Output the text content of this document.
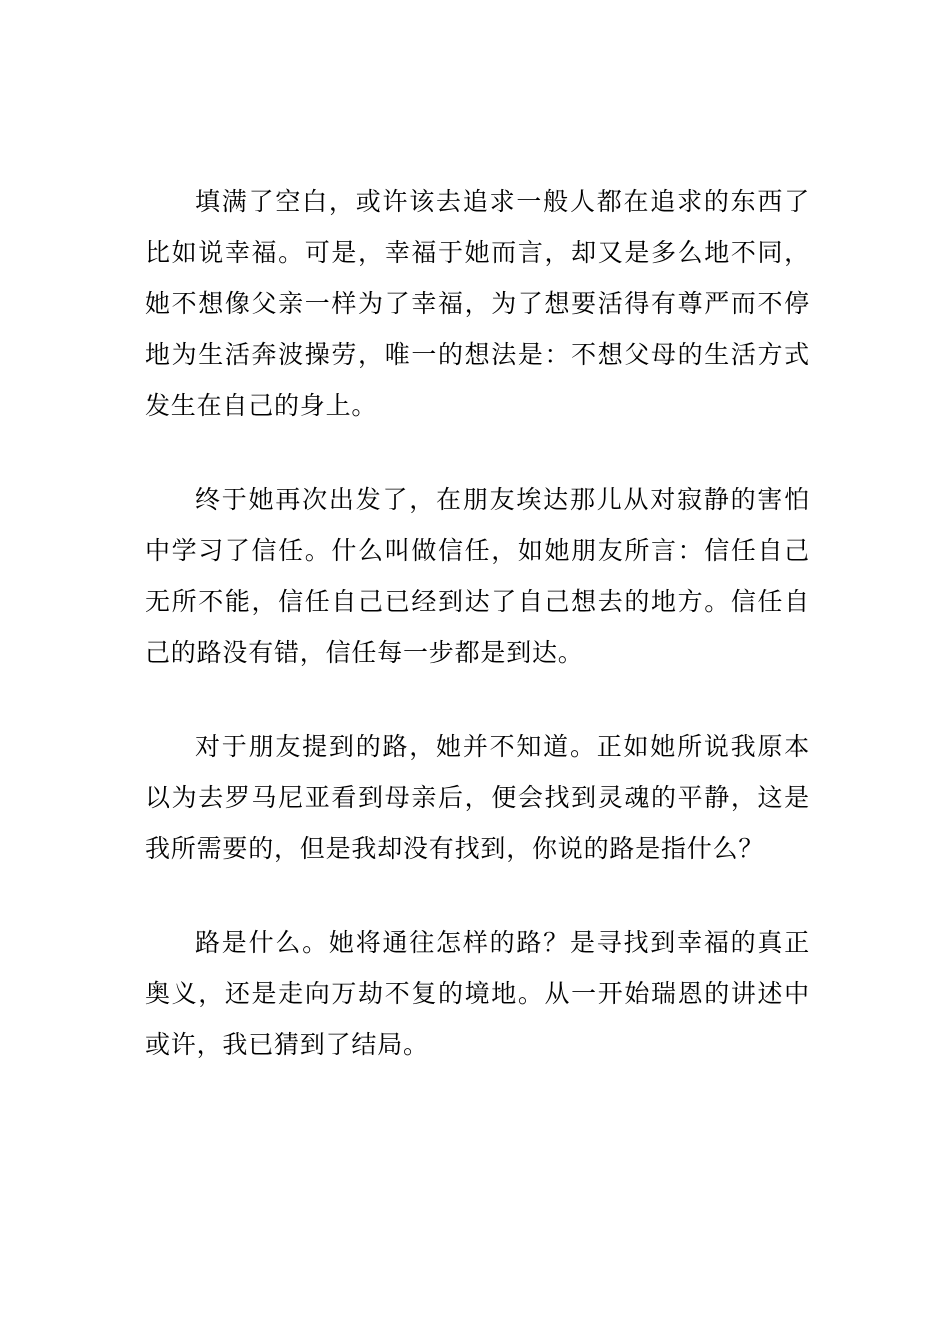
填满了空白，或许该去追求一般人都在追求的东西了比如说幸福。可是，幸福于她而言，却又是多么地不同，她不想像父亲一样为了幸福，为了想要活得有尊严而不停地为生活奔波操劳，唯一的想法是：不想父母的生活方式发生在自己的身上。

终于她再次出发了，在朋友埃达那儿从对寂静的害怕中学习了信任。什么叫做信任，如她朋友所言：信任自己无所不能，信任自己已经到达了自己想去的地方。信任自己的路没有错，信任每一步都是到达。

对于朋友提到的路，她并不知道。正如她所说我原本以为去罗马尼亚看到母亲后，便会找到灵魂的平静，这是我所需要的，但是我却没有找到，你说的路是指什么？

路是什么。她将通往怎样的路？是寻找到幸福的真正奥义，还是走向万劫不复的境地。从一开始瑞恩的讲述中或许，我已猜到了结局。
